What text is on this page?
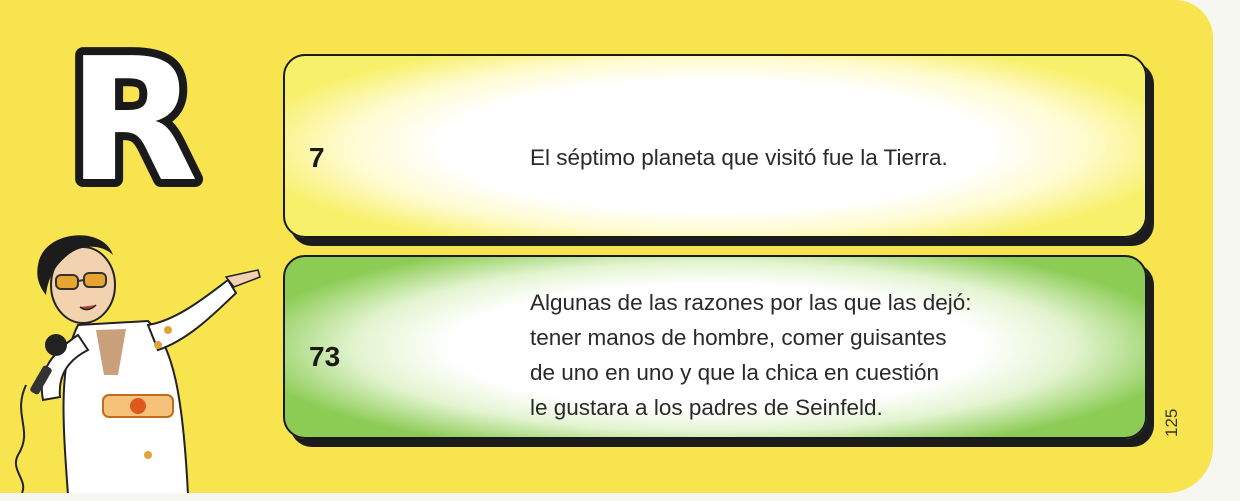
R	7	El séptimo planeta que visitó fue la Tierra.
73
Algunas de las razones por las que las dejó:
tener manos de hombre, comer guisantes
de uno en uno y que la chica en cuestión
le gustara a los padres de Seinfeld.
125
